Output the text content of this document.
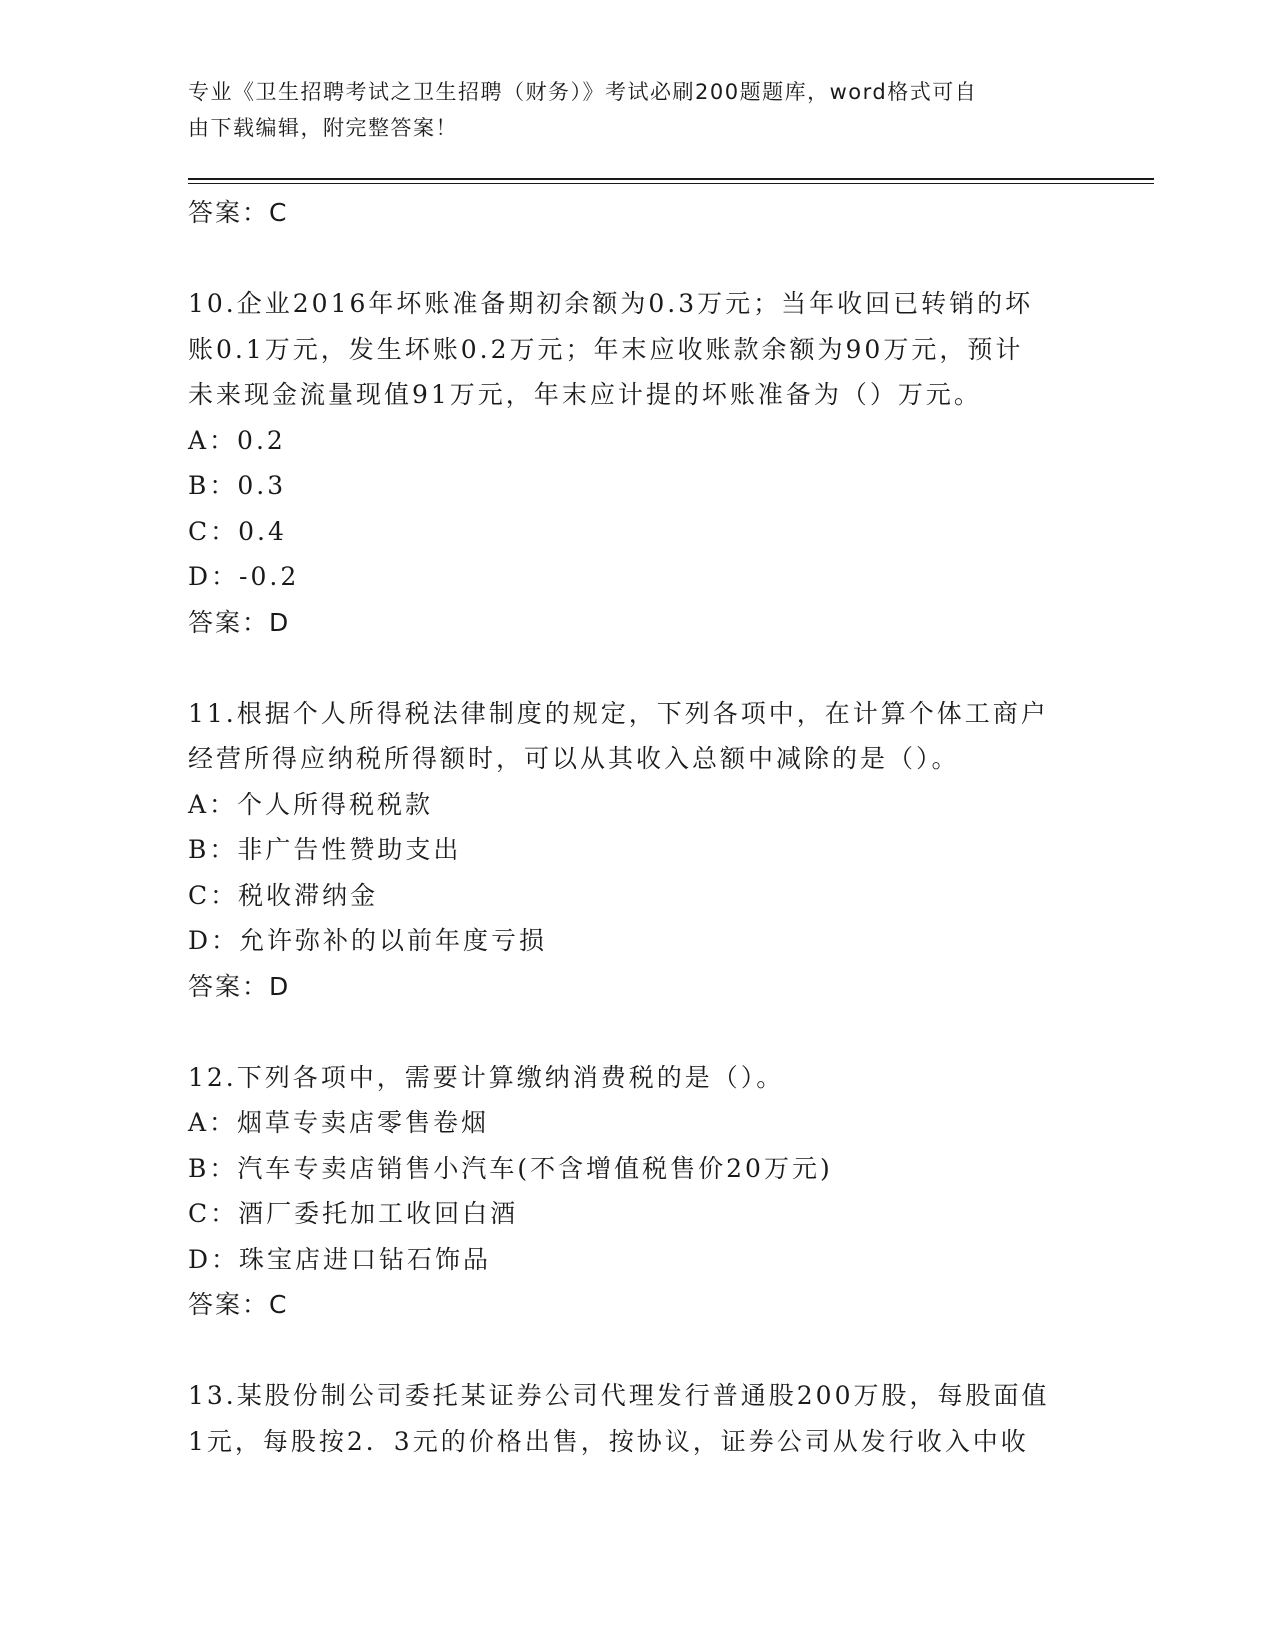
专业《卫生招聘考试之卫生招聘（财务）》考试必刷200题题库，word格式可自
由下载编辑，附完整答案！
答案：C
10.企业2016年坏账准备期初余额为0.3万元；当年收回已转销的坏
账0.1万元，发生坏账0.2万元；年末应收账款余额为90万元，预计
未来现金流量现值91万元，年末应计提的坏账准备为（）万元。
A：0.2
B：0.3
C：0.4
D：-0.2
答案：D
11.根据个人所得税法律制度的规定，下列各项中，在计算个体工商户
经营所得应纳税所得额时，可以从其收入总额中减除的是（）。
A：个人所得税税款
B：非广告性赞助支出
C：税收滞纳金
D：允许弥补的以前年度亏损
答案：D
12.下列各项中，需要计算缴纳消费税的是（）。
A：烟草专卖店零售卷烟
B：汽车专卖店销售小汽车(不含增值税售价20万元)
C：酒厂委托加工收回白酒
D：珠宝店进口钻石饰品
答案：C
13.某股份制公司委托某证券公司代理发行普通股200万股，每股面值
1元，每股按2．3元的价格出售，按协议，证券公司从发行收入中收
